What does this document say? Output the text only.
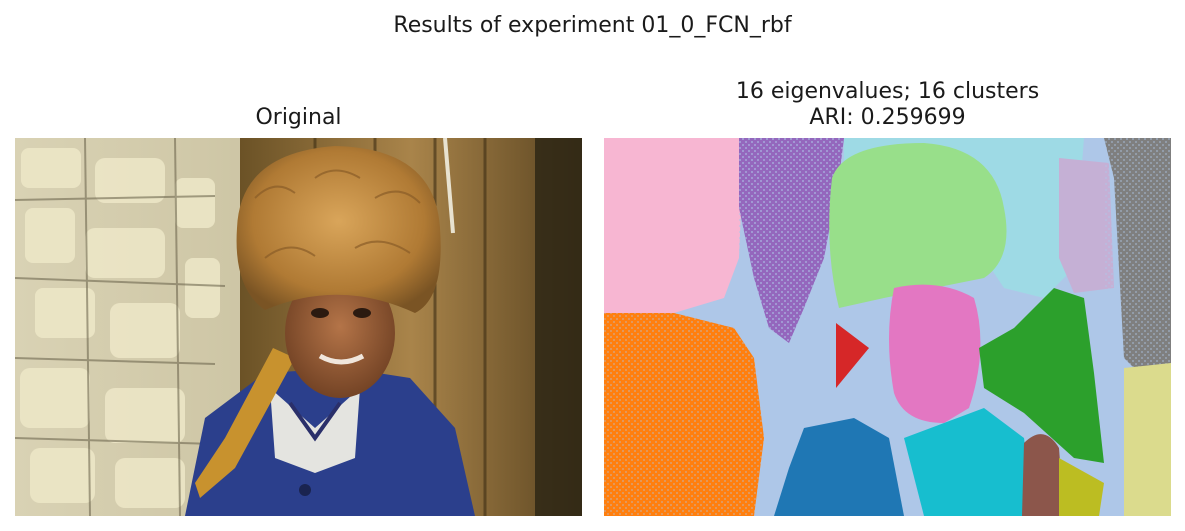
Results of experiment 01_0_FCN_rbf
Original
16 eigenvalues; 16 clusters
ARI: 0.259699
